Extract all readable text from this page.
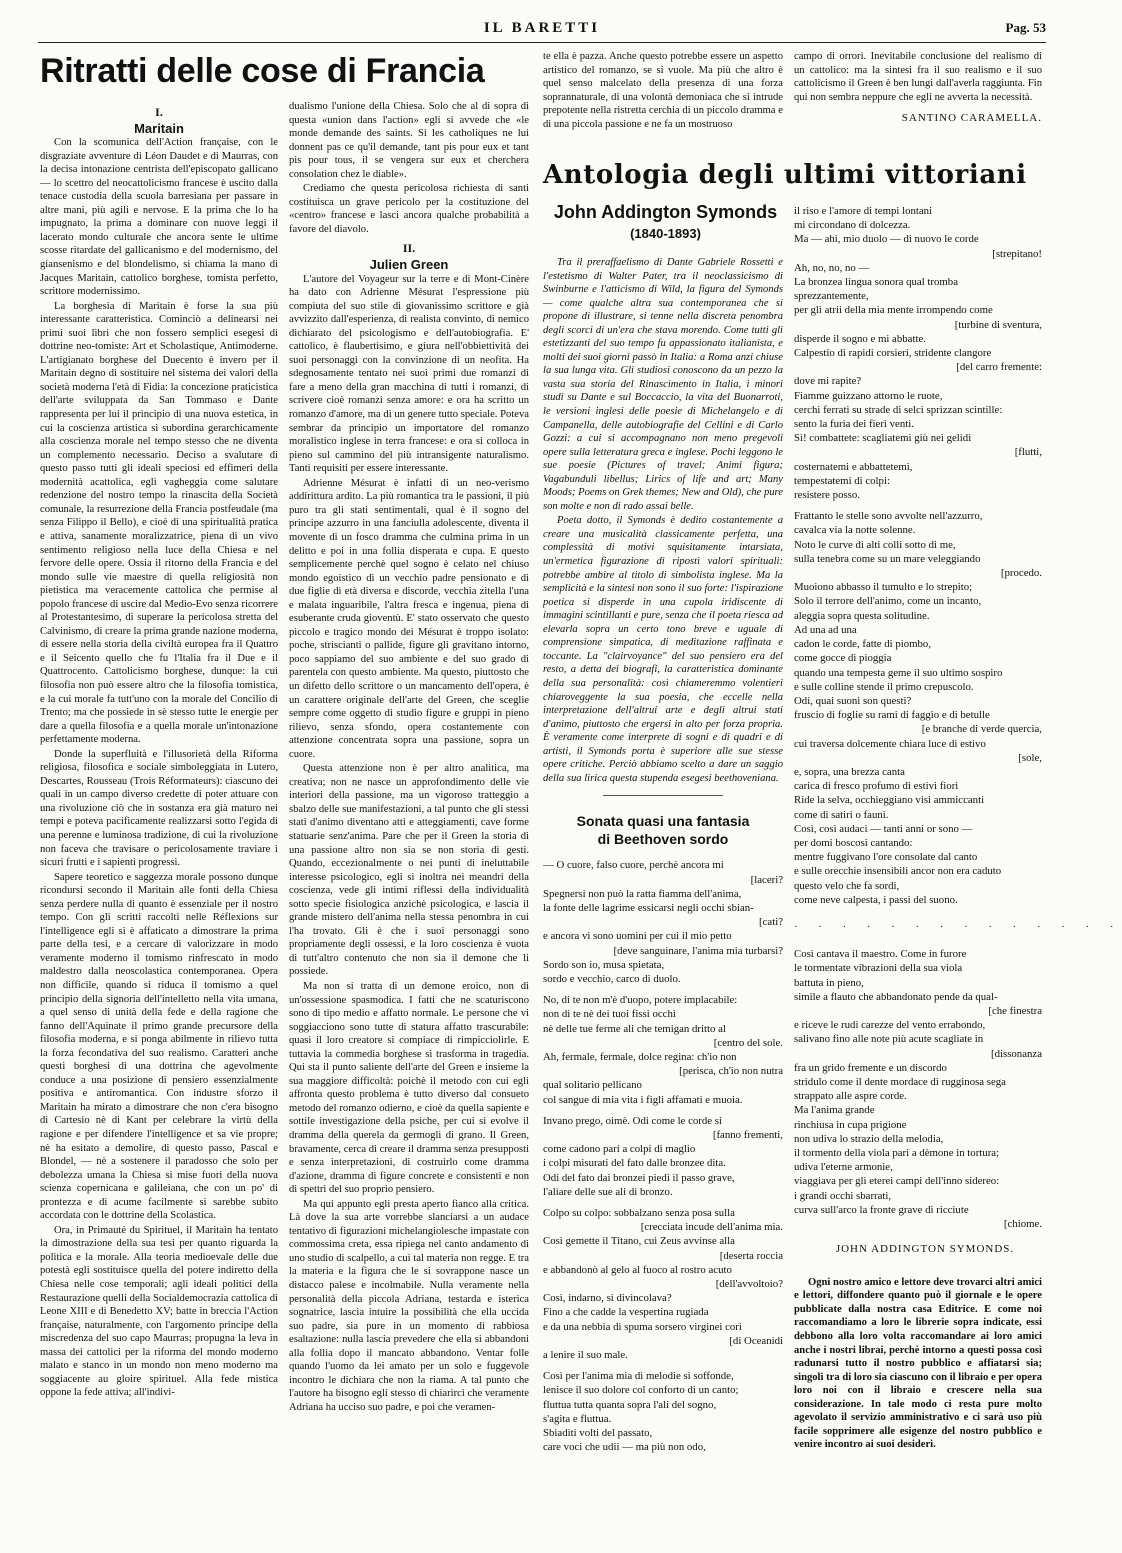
IL BARETTI	Pag. 53
Ritratti delle cose di Francia

I.

Maritain

Con la scomunica dell'Action française, con le disgraziate avventure di Léon Daudet e di Maurras, con la decisa intonazione centrista dell'episcopato gallicano — lo scettro del neocattolicismo francese è uscito dalla tenace custodia della scuola barresiana per passare in altre mani, più agili e nervose. E la prima che lo ha impugnato, la prima a dominare con nuove leggi il lacerato mondo culturale che ancora sente le ultime scosse ritardate del gallicanismo e del modernismo, del giansenismo e del blondelismo, si chiama la mano di Jacques Maritain, cattolico borghese, tomista perfetto, scrittore modernissimo.

La borghesia di Maritain è forse la sua più interessante caratteristica. Cominciò a delinearsi nei primi suoi libri che non fossero semplici esegesi di dottrine neo-tomiste: Art et Scholastique, Antimoderne. L'artigianato borghese del Duecento è invero per il Maritain degno di sostituire nel sistema dei valori della società moderna l'età di Fidia: la concezione praticistica dell'arte sviluppata da San Tommaso e Dante rappresenta per lui il principio di una nuova estetica, in cui la coscienza artistica si subordina gerarchicamente alla coscienza morale nel tempo stesso che ne diventa un complemento necessario. Deciso a svalutare di questo passo tutti gli ideali speciosi ed effimeri della modernità acattolica, egli vagheggia come salutare redenzione del nostro tempo la rinascita della Società comunale, la resurrezione della Francia postfeudale (ma senza Filippo il Bello), e cioè di una spiritualità pratica e attiva, sanamente moralizzatrice, piena di un vivo sentimento religioso nella luce della Chiesa e nel fervore delle opere. Ossia il ritorno della Francia e del mondo sulle vie maestre di quella religiosità non pietistica ma veracemente cattolica che permise al popolo francese di uscire dal Medio-Evo senza ricorrere al Protestantesimo, di superare la pericolosa stretta del Calvinismo, di creare la prima grande nazione moderna, di essere nella storia della civiltà europea fra il Quattro e il Seicento quello che fu l'Italia fra il Due e il Quattrocento. Cattolicismo borghese, dunque: la cui filosofia non può essere altro che la filosofia tomistica, e la cui morale fa tutt'uno con la morale del Concilio di Trento; ma che possiede in sè stesso tutte le energie per dare a quella filosofia e a quella morale un'intonazione perfettamente moderna.

Donde la superfluità e l'illusorietà della Riforma religiosa, filosofica e sociale simboleggiata in Lutero, Descartes, Rousseau (Trois Réformateurs): ciascuno dei quali in un campo diverso credette di poter attuare con una rivoluzione ciò che in sostanza era già maturo nei tempi e poteva pacificamente realizzarsi sotto l'egida di una perenne e luminosa tradizione, di cui la rivoluzione non faceva che travisare o pericolosamente traviare i sicuri frutti e i sapienti progressi.

Sapere teoretico e saggezza morale possono dunque ricondursi secondo il Maritain alle fonti della Chiesa senza perdere nulla di quanto è essenziale per il nostro tempo. Con gli scritti raccolti nelle Réflexions sur l'intelligence egli si è affaticato a dimostrare la prima parte della tesi, e a cercare di valorizzare in modo veramente moderno il tomismo rinfrescato in modo maldestro dalla neoscolastica contemporanea. Opera non difficile, quando si riduca il tomismo a quel principio della signoria dell'intelletto nella vita umana, a quel senso di unità della fede e della ragione che fanno dell'Aquinate il primo grande precursore della filosofia moderna, e si ponga abilmente in rilievo tutta la forza fecondativa del suo realismo. Caratteri anche questi borghesi di una dottrina che agevolmente conduce a una posizione di pensiero essenzialmente positiva e antiromantica. Con industre sforzo il Maritain ha mirato a dimostrare che non c'era bisogno di Cartesio nè di Kant per celebrare la virtù della ragione e per difendere l'intelligence et sa vie propre; nè ha esitato a demolire, di questo passo, Pascal e Blondel, — nè a sostenere il paradosso che solo per debolezza umana la Chiesa si mise fuori della nuova scienza copernicana e galileiana, che con un po' di prontezza e di acume facilmente si sarebbe subito accordata con le dottrine della Scolastica.

Ora, in Primauté du Spirituel, il Maritain ha tentato la dimostrazione della sua tesi per quanto riguarda la politica e la morale. Alla teoria medioevale delle due potestà egli sostituisce quella del potere indiretto della Chiesa nelle cose temporali; agli ideali politici della Restaurazione quelli della Socialdemocrazia cattolica di Leone XIII e di Benedetto XV; batte in breccia l'Action française, naturalmente, con l'argomento principe della miscredenza del suo capo Maurras; propugna la leva in massa dei cattolici per la riforma del mondo moderno malato e stanco in un mondo non meno moderno ma soggiacente au gloire spirituel. Alla fede mistica oppone la fede attiva; all'indivi-

dualismo l'unione della Chiesa. Solo che al di sopra di questa «union dans l'action» egli si avvede che «le monde demande des saints. Si les catholiques ne lui donnent pas ce qu'il demande, tant pis pour eux et tant pis pour tous, il se vengera sur eux et cherchera consolation chez le diable».

Crediamo che questa pericolosa richiesta di santi costituisca un grave pericolo per la costituzione del «centro» francese e lasci ancora qualche probabilità a favore del diavolo.

II.

Julien Green

L'autore del Voyageur sur la terre e di Mont-Cinère ha dato con Adrienne Mésurat l'espressione più compiuta del suo stile di giovanissimo scrittore e già avvizzito dall'esperienza, di realista convinto, di nemico dichiarato del psicologismo e dell'autobiografia. E' cattolico, è flaubertisimo, e giura nell'obbiettività dei suoi personaggi con la convinzione di un neofita. Ha sdegnosamente tentato nei suoi primi due romanzi di fare a meno della gran macchina di tutti i romanzi, di scrivere cioè romanzi senza amore: e ora ha scritto un romanzo d'amore, ma di un genere tutto speciale. Poteva sembrar da principio un importatore del romanzo moralistico inglese in terra francese: e ora si colloca in pieno sul cammino del più intransigente naturalismo. Tanti requisiti per essere interessante.

Adrienne Mésurat è infatti di un neo-verismo addirittura ardito. La più romantica tra le passioni, il più puro tra gli stati sentimentali, qual è il sogno del principe azzurro in una fanciulla adolescente, diventa il movente di un fosco dramma che culmina prima in un delitto e poi in una follia disperata e cupa. E questo semplicemente perchè quel sogno è celato nel chiuso mondo egoistico di un vecchio padre pensionato e di due figlie di età diversa e discorde, vecchia zitella l'una e malata inguaribile, l'altra fresca e ingenua, piena di esuberante cruda gioventù. E' stato osservato che questo piccolo e tragico mondo dei Mésurat è troppo isolato: poche, striscianti o pallide, figure gli gravitano intorno, poco sappiamo del suo ambiente e del suo grado di parentela con questo ambiente. Ma questo, piuttosto che un difetto dello scrittore o un mancamento dell'opera, è un carattere originale dell'arte del Green, che sceglie sempre come oggetto di studio figure e gruppi in pieno rilievo, senza sfondo, opera costantemente con attenzione concentrata sopra una passione, sopra un cuore.

Questa attenzione non è per altro analitica, ma creativa; non ne nasce un approfondimento delle vie interiori della passione, ma un vigoroso tratteggio a sbalzo delle sue manifestazioni, a tal punto che gli stessi stati d'animo diventano atti e atteggiamenti, cave forme statuarie senz'anima. Pare che per il Green la storia di una passione altro non sia se non storia di gesti. Quando, eccezionalmente o nei punti di ineluttabile interesse psicologico, egli si inoltra nei meandri della coscienza, vede gli intimi riflessi della individualità sotto specie fisiologica anzichè psicologica, e lascia il grande mistero dell'anima nella stessa penombra in cui l'ha trovato. Gli è che i suoi personaggi sono propriamente degli ossessi, e la loro coscienza è vuota di tutt'altro contenuto che non sia il demone che li possiede.

Ma non si tratta di un demone eroico, non di un'ossessione spasmodica. I fatti che ne scaturiscono sono di tipo medio e affatto normale. Le persone che vi soggiacciono sono tutte di statura affatto trascurabile: quasi il loro creatore si compiace di rimpicciolirle. E tuttavia la commedia borghese si trasforma in tragedia. Qui sta il punto saliente dell'arte del Green e insieme la sua maggiore difficoltà: poichè il metodo con cui egli affronta questo problema è tutto diverso dal consueto metodo del romanzo odierno, e cioè da quella sapiente e sottile investigazione della psiche, per cui si evolve il dramma della querela da germogli di grano. Il Green, bravamente, cerca di creare il dramma senza presupposti e senza interpretazioni, di costruirlo come dramma d'azione, dramma di figure concrete e consistenti e non di spettri del suo proprio pensiero.

Ma qui appunto egli presta aperto fianco alla critica. Là dove la sua arte vorrebbe slanciarsi a un audace tentativo di figurazioni michelangiolesche impastate con commossima creta, essa ripiega nel canto andamento di uno studio di scalpello, a cui tal materia non regge. E tra la materia e la figura che le si sovrappone nasce un distacco palese e incolmabile. Nulla veramente nella personalità della piccola Adriana, testarda e isterica sognatrice, lascia intuire la possibilità che ella uccida suo padre, sia pure in un momento di rabbiosa esaltazione: nulla lascia prevedere che ella si abbandoni alla follia dopo il mancato abbandono. Ventar folle quando l'uomo da lei amato per un solo e fuggevole incontro le dichiara che non la riama. A tal punto che l'autore ha bisogno egli stesso di chiarirci che veramente Adriana ha ucciso suo padre, e poi che veramen-

te ella è pazza. Anche questo potrebbe essere un aspetto artistico del romanzo, se si vuole. Ma più che altro è quel senso malcelato della presenza di una forza soprannaturale, di una volontà demoniaca che si intrude prepotente nella ristretta cerchia di un piccolo dramma e di una piccola passione e ne fa un mostruoso

campo di orrori. Inevitabile conclusione del realismo di un cattolico: ma la sintesi fra il suo realismo e il suo cattolicismo il Green è ben lungi dall'averla raggiunta. Fin qui non sembra neppure che egli ne avverta la necessità.

SANTINO CARAMELLA.

Antologia degli ultimi vittoriani
John Addington Symonds
(1840-1893)

Tra il preraffaelismo di Dante Gabriele Rossetti e l'estetismo di Walter Pater, tra il neoclassicismo di Swinburne e l'atticismo di Wild, la figura del Symonds — come qualche altra sua contemporanea che si propone di illustrare, si tenne nella discreta penombra degli scorci di un'era che stava morendo. Come tutti gli estetizzanti del suo tempo fu appassionato italianista, e molti dei suoi giorni passò in Italia: a Roma anzi chiuse la sua lunga vita. Gli studiosi conoscono da un pezzo la vasta sua storia del Rinascimento in Italia, i minori studi su Dante e sul Boccaccio, la vita del Buonarroti, le versioni inglesi delle poesie di Michelangelo e di Campanella, delle autobiografie del Cellini e di Carlo Gozzi: a cui si accompagnano non meno pregevoli opere sulla letteratura greca e inglese. Pochi leggono le sue poesie (Pictures of travel; Animi figura; Vagabunduli libellus; Lirics of life and art; Many Moods; Poems on Grek themes; New and Old), che pure son molte e non di rado assai belle.

Poeta dotto, il Symonds è dedito costantemente a creare una musicalità classicamente perfetta, una complessità di motivi squisitamente intarsiata, un'ermetica figurazione di ripostì valori spirituali: potrebbe ambire al titolo di simbolista inglese. Ma la semplicità e la sintesi non sono il suo forte: l'ispirazione poetica si disperde in una cupola iridiscente di immagini scintillanti e pure, senza che il poeta riesca ad elevarla sopra un certo tono breve e uguale di comprensione simpatica, di meditazione raffinata e toccante. La "clairvoyance" del suo pensiero era del resto, a detta dei biografi, la caratteristica dominante della sua personalità: così chiameremmo volentieri chiaroveggente la sua poesia, che eccelle nella interpretazione dell'altrui arte e degli altrui stati d'animo, piuttosto che ergersi in alto per forza propria. È veramente come interprete di sogni e di quadri e di artisti, il Symonds porta è superiore alle sue stesse opere critiche. Perciò abbiamo scelto a dare un saggio della sua lirica questa stupenda esegesi beethoveniana.

Sonata quasi una fantasia
di Beethoven sordo
— O cuore, falso cuore, perchè ancora mi
[laceri?
Spegnersi non può la ratta fiamma dell'anima,
la fonte delle lagrime essicarsi negli occhi sbian-
[cati?
e ancora vi sono uomini per cui il mio petto
[deve sanguinare, l'anima mia turbarsi?
Sordo son io, musa spietata,
sordo e vecchio, carco di duolo.
No, di te non m'è d'uopo, potere implacabile:
non di te nè dei tuoi fissi occhi
nè delle tue ferme ali che temigan dritto al
[centro del sole.
Ah, fermale, fermale, dolce regina: ch'io non
[perisca, ch'io non nutra
qual solitario pellicano
col sangue di mia vita i figli affamati e muoia.
Invano prego, oimè. Odi come le corde si
[fanno frementi,
come cadono pari a colpi di maglio
i colpi misurati del fato dalle bronzee dita.
Odi del fato dai bronzei piedi il passo grave,
l'aliare delle sue ali di bronzo.
Colpo su colpo: sobbalzano senza posa sulla
[crecciata incude dell'anima mia.
Così gemette il Titano, cui Zeus avvinse alla
[deserta roccia
e abbandonò al gelo al fuoco al rostro acuto
[dell'avvoltoio?
Così, indarno, si divincolava?
Fino a che cadde la vespertina rugiada
e da una nebbia di spuma sorsero virginei cori
[di Oceanidi
a lenire il suo male.
Così per l'anima mia di melodie si soffonde,
lenisce il suo dolore col conforto di un canto;
fluttua tutta quanta sopra l'ali del sogno,
s'agita e fluttua.
Sbiaditi volti del passato,
care voci che udii — ma più non odo,
il riso e l'amore di tempi lontani
mi circondano di dolcezza.
Ma — ahi, mio duolo — di nuovo le corde
[strepitano!
Ah, no, no, no —
La bronzea lingua sonora qual tromba
sprezzantemente,
per gli atrii della mia mente irrompendo come
[turbine di sventura,
disperde il sogno e mi abbatte.
Calpestio di rapidi corsieri, stridente clangore
[del carro fremente:
dove mi rapite?
Fiamme guizzano attorno le ruote,
cerchi ferrati su strade di selci sprizzan scintille:
sento la furia dei fieri venti.
Sì! combattete: scagliatemi giù nei gelidi
[flutti,
costernatemi e abbattetemi,
tempestatemi di colpi:
resistere posso.
Frattanto le stelle sono avvolte nell'azzurro,
cavalca via la notte solenne.
Noto le curve di alti colli sotto di me,
sulla tenebra come su un mare veleggiando
[procedo.
Muoiono abbasso il tumulto e lo strepito;
Solo il terrore dell'animo, come un incanto,
aleggia sopra questa solitudine.
Ad una ad una
cadon le corde, fatte di piombo,
come gocce di pioggia
quando una tempesta geme il suo ultimo sospiro
e sulle colline stende il primo crepuscolo.
Odi, quai suoni son questi?
fruscio di foglie su rami di faggio e di betulle
[e branche di verde quercia,
cui traversa dolcemente chiara luce di estivo
[sole,
e, sopra, una brezza canta
carica di fresco profumo di estivi fiori
Ride la selva, occhieggiano visi ammiccanti
come di satiri o fauni.
Così, così audaci — tanti anni or sono —
per domi boscosi cantando:
mentre fuggivano l'ore consolate dal canto
e sulle orecchie insensibili ancor non era caduto
questo velo che fa sordi,
come neve calpesta, i passi del suono.
· · · · · · · · · · · · · ·
Così cantava il maestro. Come in furore
le tormentate vibrazioni della sua viola
battuta in pieno,
simile a flauto che abbandonato pende da qual-
[che finestra
e riceve le rudi carezze del vento errabondo,
salivano fino alle note più acute scagliate in
[dissonanza
fra un grido fremente e un discordo
stridulo come il dente mordace di rugginosa sega
strappato alle aspre corde.
Ma l'anima grande
rinchiusa in cupa prigione
non udiva lo strazio della melodia,
il tormento della viola pari a dèmone in tortura;
udiva l'eterne armonie,
viaggiava per gli eterei campi dell'inno sidereo:
i grandi occhi sbarrati,
curva sull'arco la fronte grave di ricciute
[chiome.

JOHN ADDINGTON SYMONDS.

Ogni nostro amico e lettore deve trovarci altri amici e lettori, diffondere quanto può il giornale e le opere pubblicate dalla nostra casa Editrice. E come noi raccomandiamo a loro le librerie sopra indicate, essi debbono alla loro volta raccomandare ai loro amici anche i nostri librai, perchè intorno a questi possa così radunarsi tutto il nostro pubblico e affiatarsi sia; singoli tra di loro sia ciascuno con il libraio e per opera loro noi con il libraio e crescere nella sua considerazione. In tale modo ci resta pure molto agevolato il servizio amministrativo e ci sarà uso più facile sopprimere alle esigenze del nostro pubblico e venire incontro ai suoi desideri.
